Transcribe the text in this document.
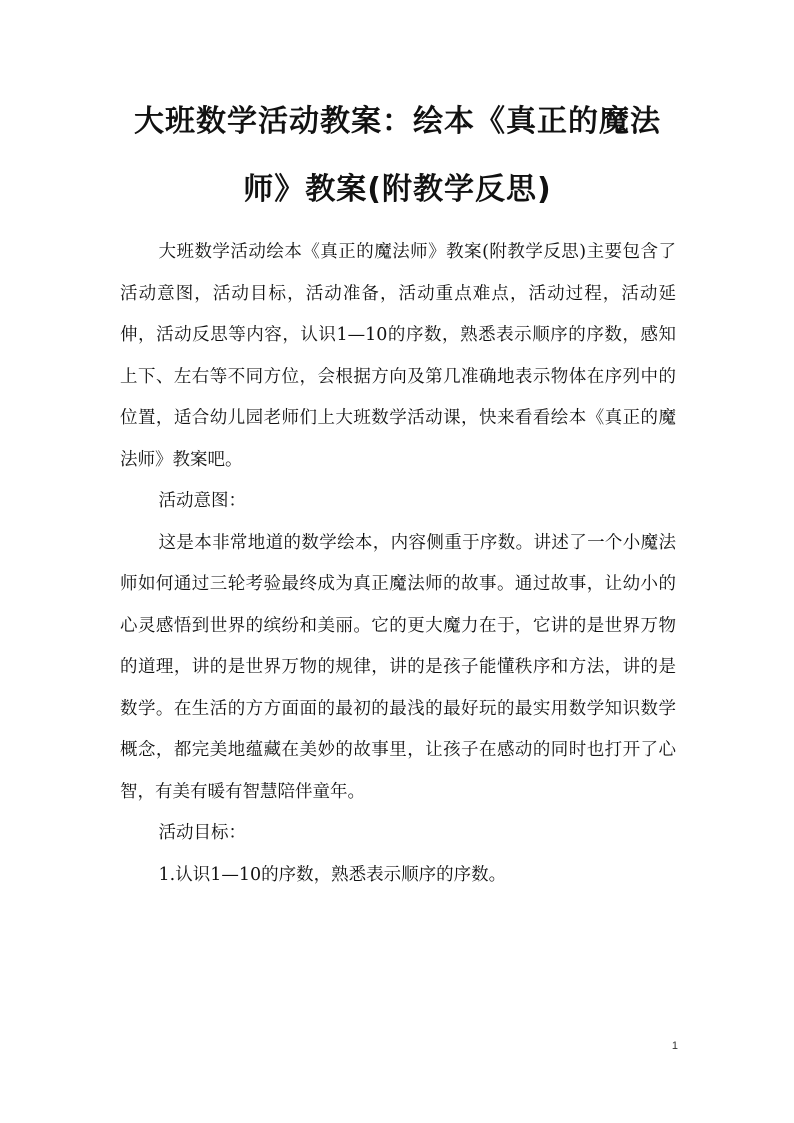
大班数学活动教案：绘本《真正的魔法
师》教案(附教学反思)

大班数学活动绘本《真正的魔法师》教案(附教学反思)主要包含了活动意图，活动目标，活动准备，活动重点难点，活动过程，活动延伸，活动反思等内容，认识1—10的序数，熟悉表示顺序的序数，感知上下、左右等不同方位，会根据方向及第几准确地表示物体在序列中的位置，适合幼儿园老师们上大班数学活动课，快来看看绘本《真正的魔法师》教案吧。

活动意图：

这是本非常地道的数学绘本，内容侧重于序数。讲述了一个小魔法师如何通过三轮考验最终成为真正魔法师的故事。通过故事，让幼小的心灵感悟到世界的缤纷和美丽。它的更大魔力在于，它讲的是世界万物的道理，讲的是世界万物的规律，讲的是孩子能懂秩序和方法，讲的是数学。在生活的方方面面的最初的最浅的最好玩的最实用数学知识数学概念，都完美地蕴藏在美妙的故事里，让孩子在感动的同时也打开了心智，有美有暖有智慧陪伴童年。

活动目标：

1.认识1—10的序数，熟悉表示顺序的序数。

1
